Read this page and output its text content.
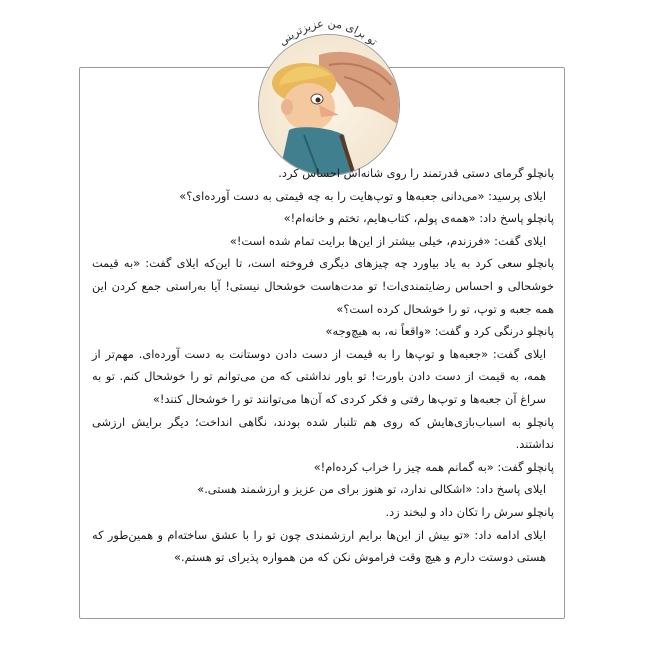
تو برای من عزیز‌تر‌ینی

پانچلو گرمای دستی قدرتمند را روی شانه‌اش احساس کرد.

ایلای پرسید: «می‌دانی جعبه‌ها و توپ‌هایت را به چه قیمتی به دست آورده‌ای؟»

پانچلو پاسخ داد: «همه‌ی پولم، کتاب‌هایم، تختم و خانه‌ام!»

ایلای گفت: «فرزندم، خیلی بیشتر از این‌ها برایت تمام شده است!»

پانچلو سعی کرد به یاد بیاورد چه چیزهای دیگری فروخته است، تا این‌که ایلای گفت: «به قیمت خوشحالی و احساس رضایتمندی‌ات! تو مدت‌هاست خوشحال نیستی! آیا به‌راستی جمع کردن این همه جعبه و توپ، تو را خوشحال کرده است؟»

پانچلو درنگی کرد و گفت: «واقعاً نه، به هیچ‌وجه»

ایلای گفت: «جعبه‌ها و توپ‌ها را به قیمت از دست دادن دوستانت به دست آورده‌ای. مهم‌تر از همه، به قیمت از دست دادن باورت! تو باور نداشتی که من می‌توانم تو را خوشحال کنم. تو به سراغ آن جعبه‌ها و توپ‌ها رفتی و فکر کردی که آن‌ها می‌توانند تو را خوشحال کنند!»

پانچلو به اسباب‌بازی‌هایش که روی هم تلنبار شده بودند، نگاهی انداخت؛ دیگر برایش ارزشی نداشتند.

پانچلو گفت: «به گمانم همه چیز را خراب کرده‌ام!»

ایلای پاسخ داد: «اشکالی ندارد، تو هنوز برای من عزیز و ارزشمند هستی.»

پانچلو سرش را تکان داد و لبخند زد.

ایلای ادامه داد: «تو بیش از این‌ها برایم ارزشمندی چون تو را با عشق ساخته‌ام و همین‌طور که هستی دوستت دارم و هیچ وقت فراموش نکن که من همواره پذیرای تو هستم.»
